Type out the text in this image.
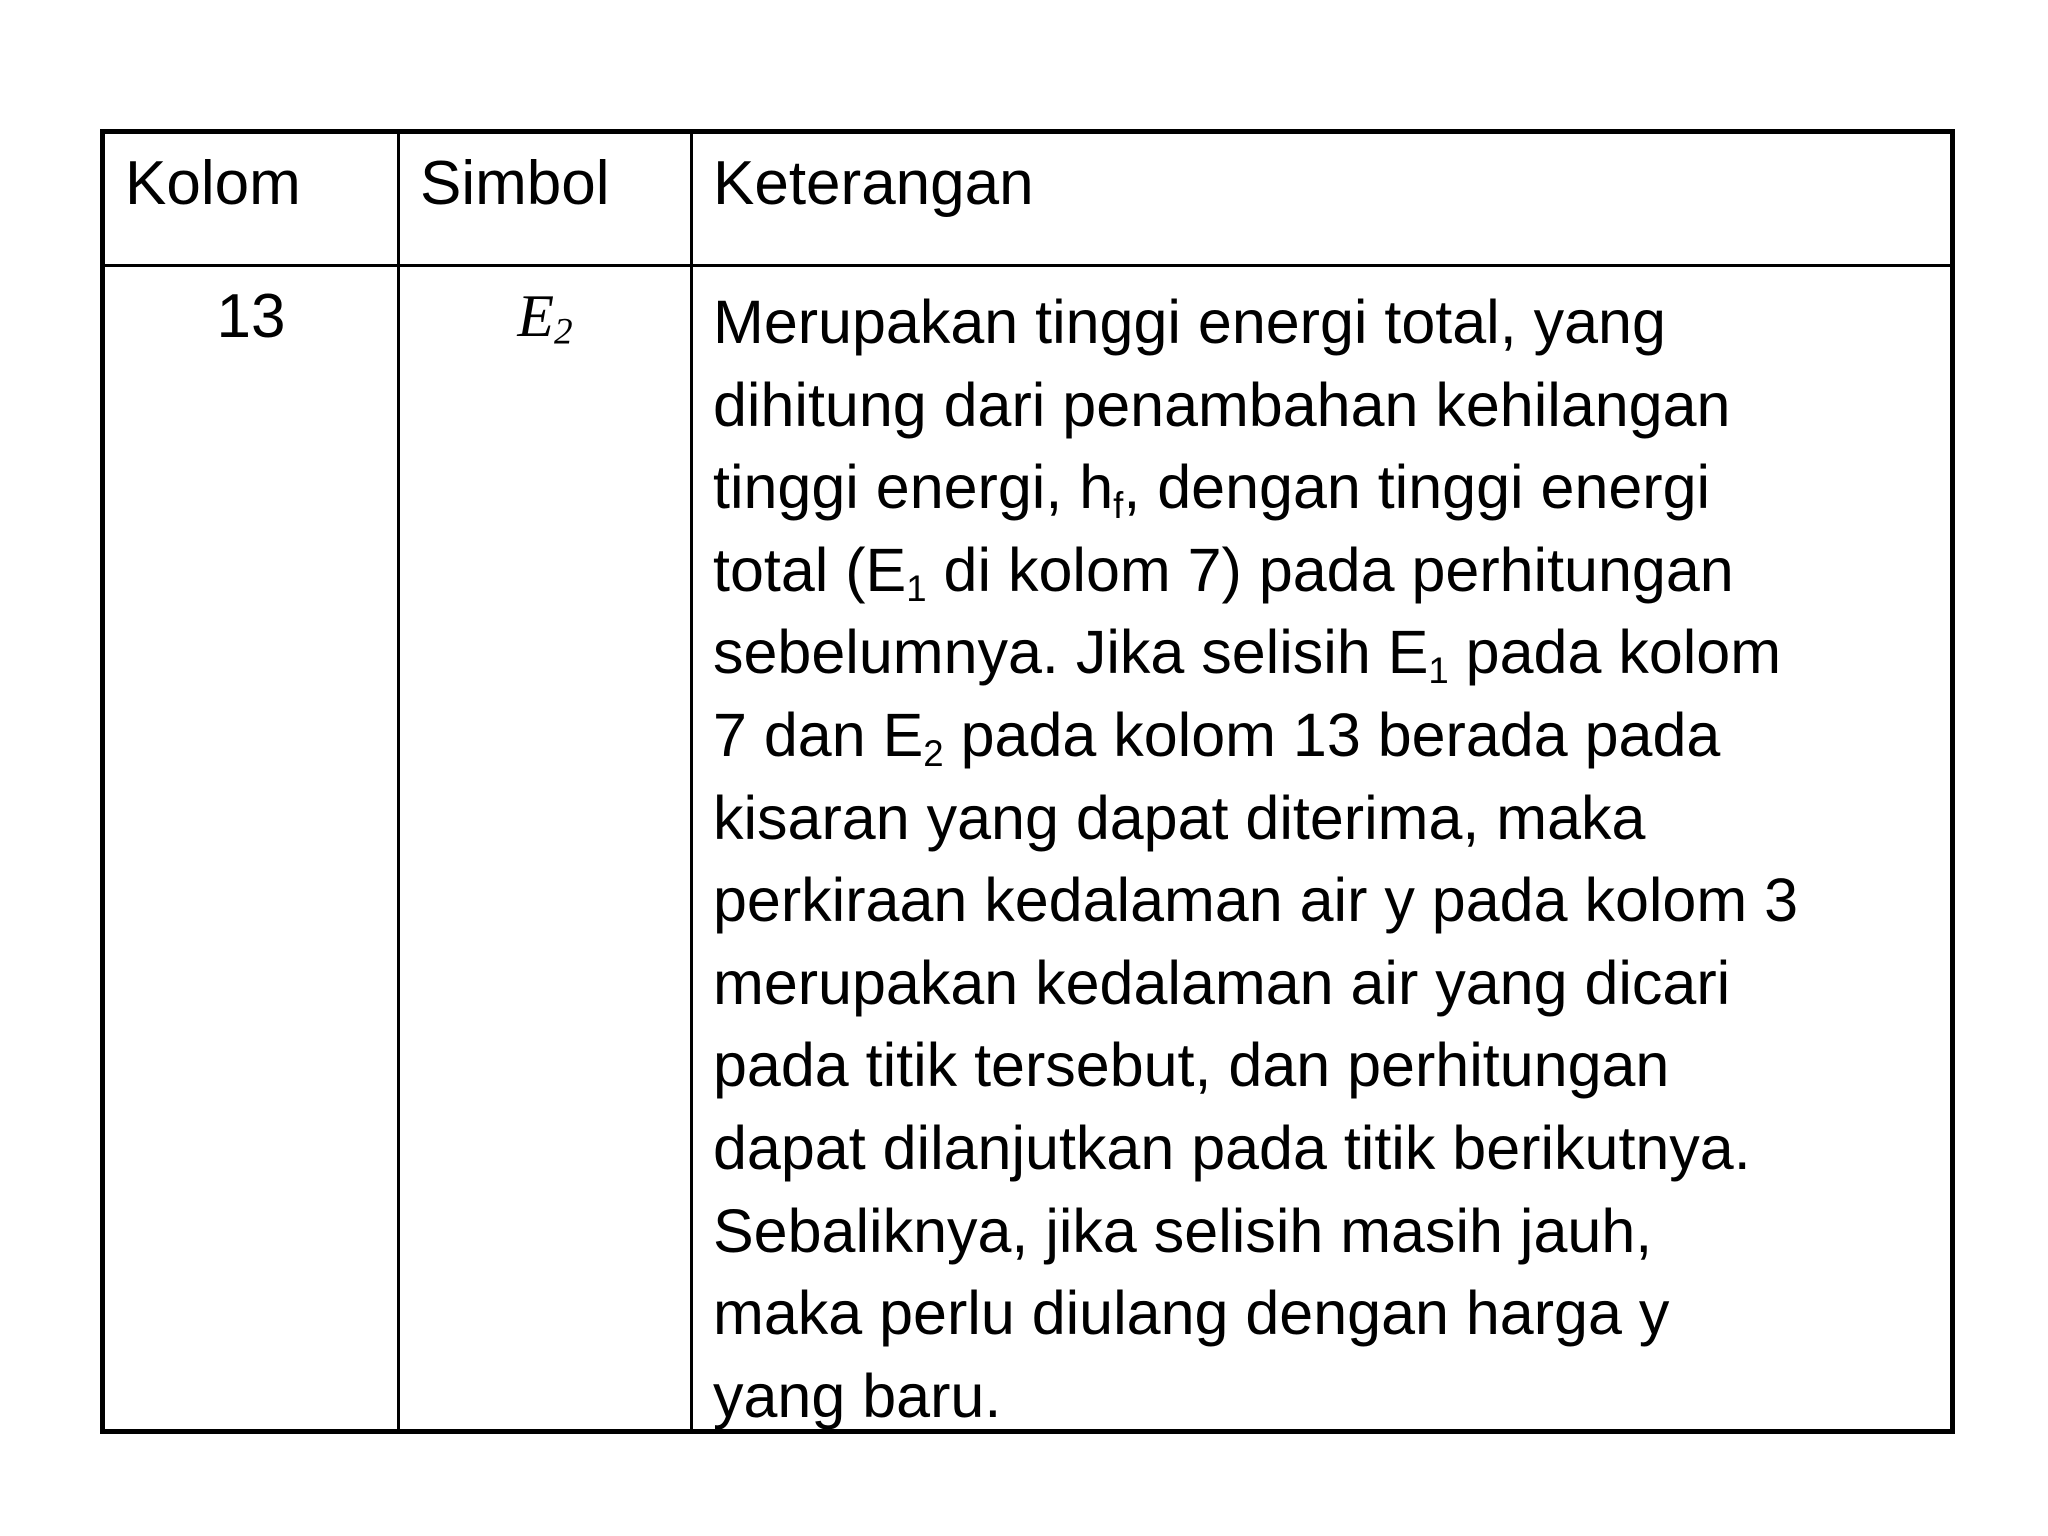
Kolom Simbol Keterangan
13	$E_2$	Merupakan tinggi energi total, yang
dihitung dari penambahan kehilangan
tinggi energi, $h_f$, dengan tinggi energi
total ($E_1$ di kolom 7) pada perhitungan
sebelumnya. Jika selisih $E_1$ pada kolom
7 dan $E_2$ pada kolom 13 berada pada
kisaran yang dapat diterima, maka
perkiraan kedalaman air y pada kolom 3
merupakan kedalaman air yang dicari
pada titik tersebut, dan perhitungan
dapat dilanjutkan pada titik berikutnya.
Sebaliknya, jika selisih masih jauh,
maka perlu diulang dengan harga y
yang baru.
